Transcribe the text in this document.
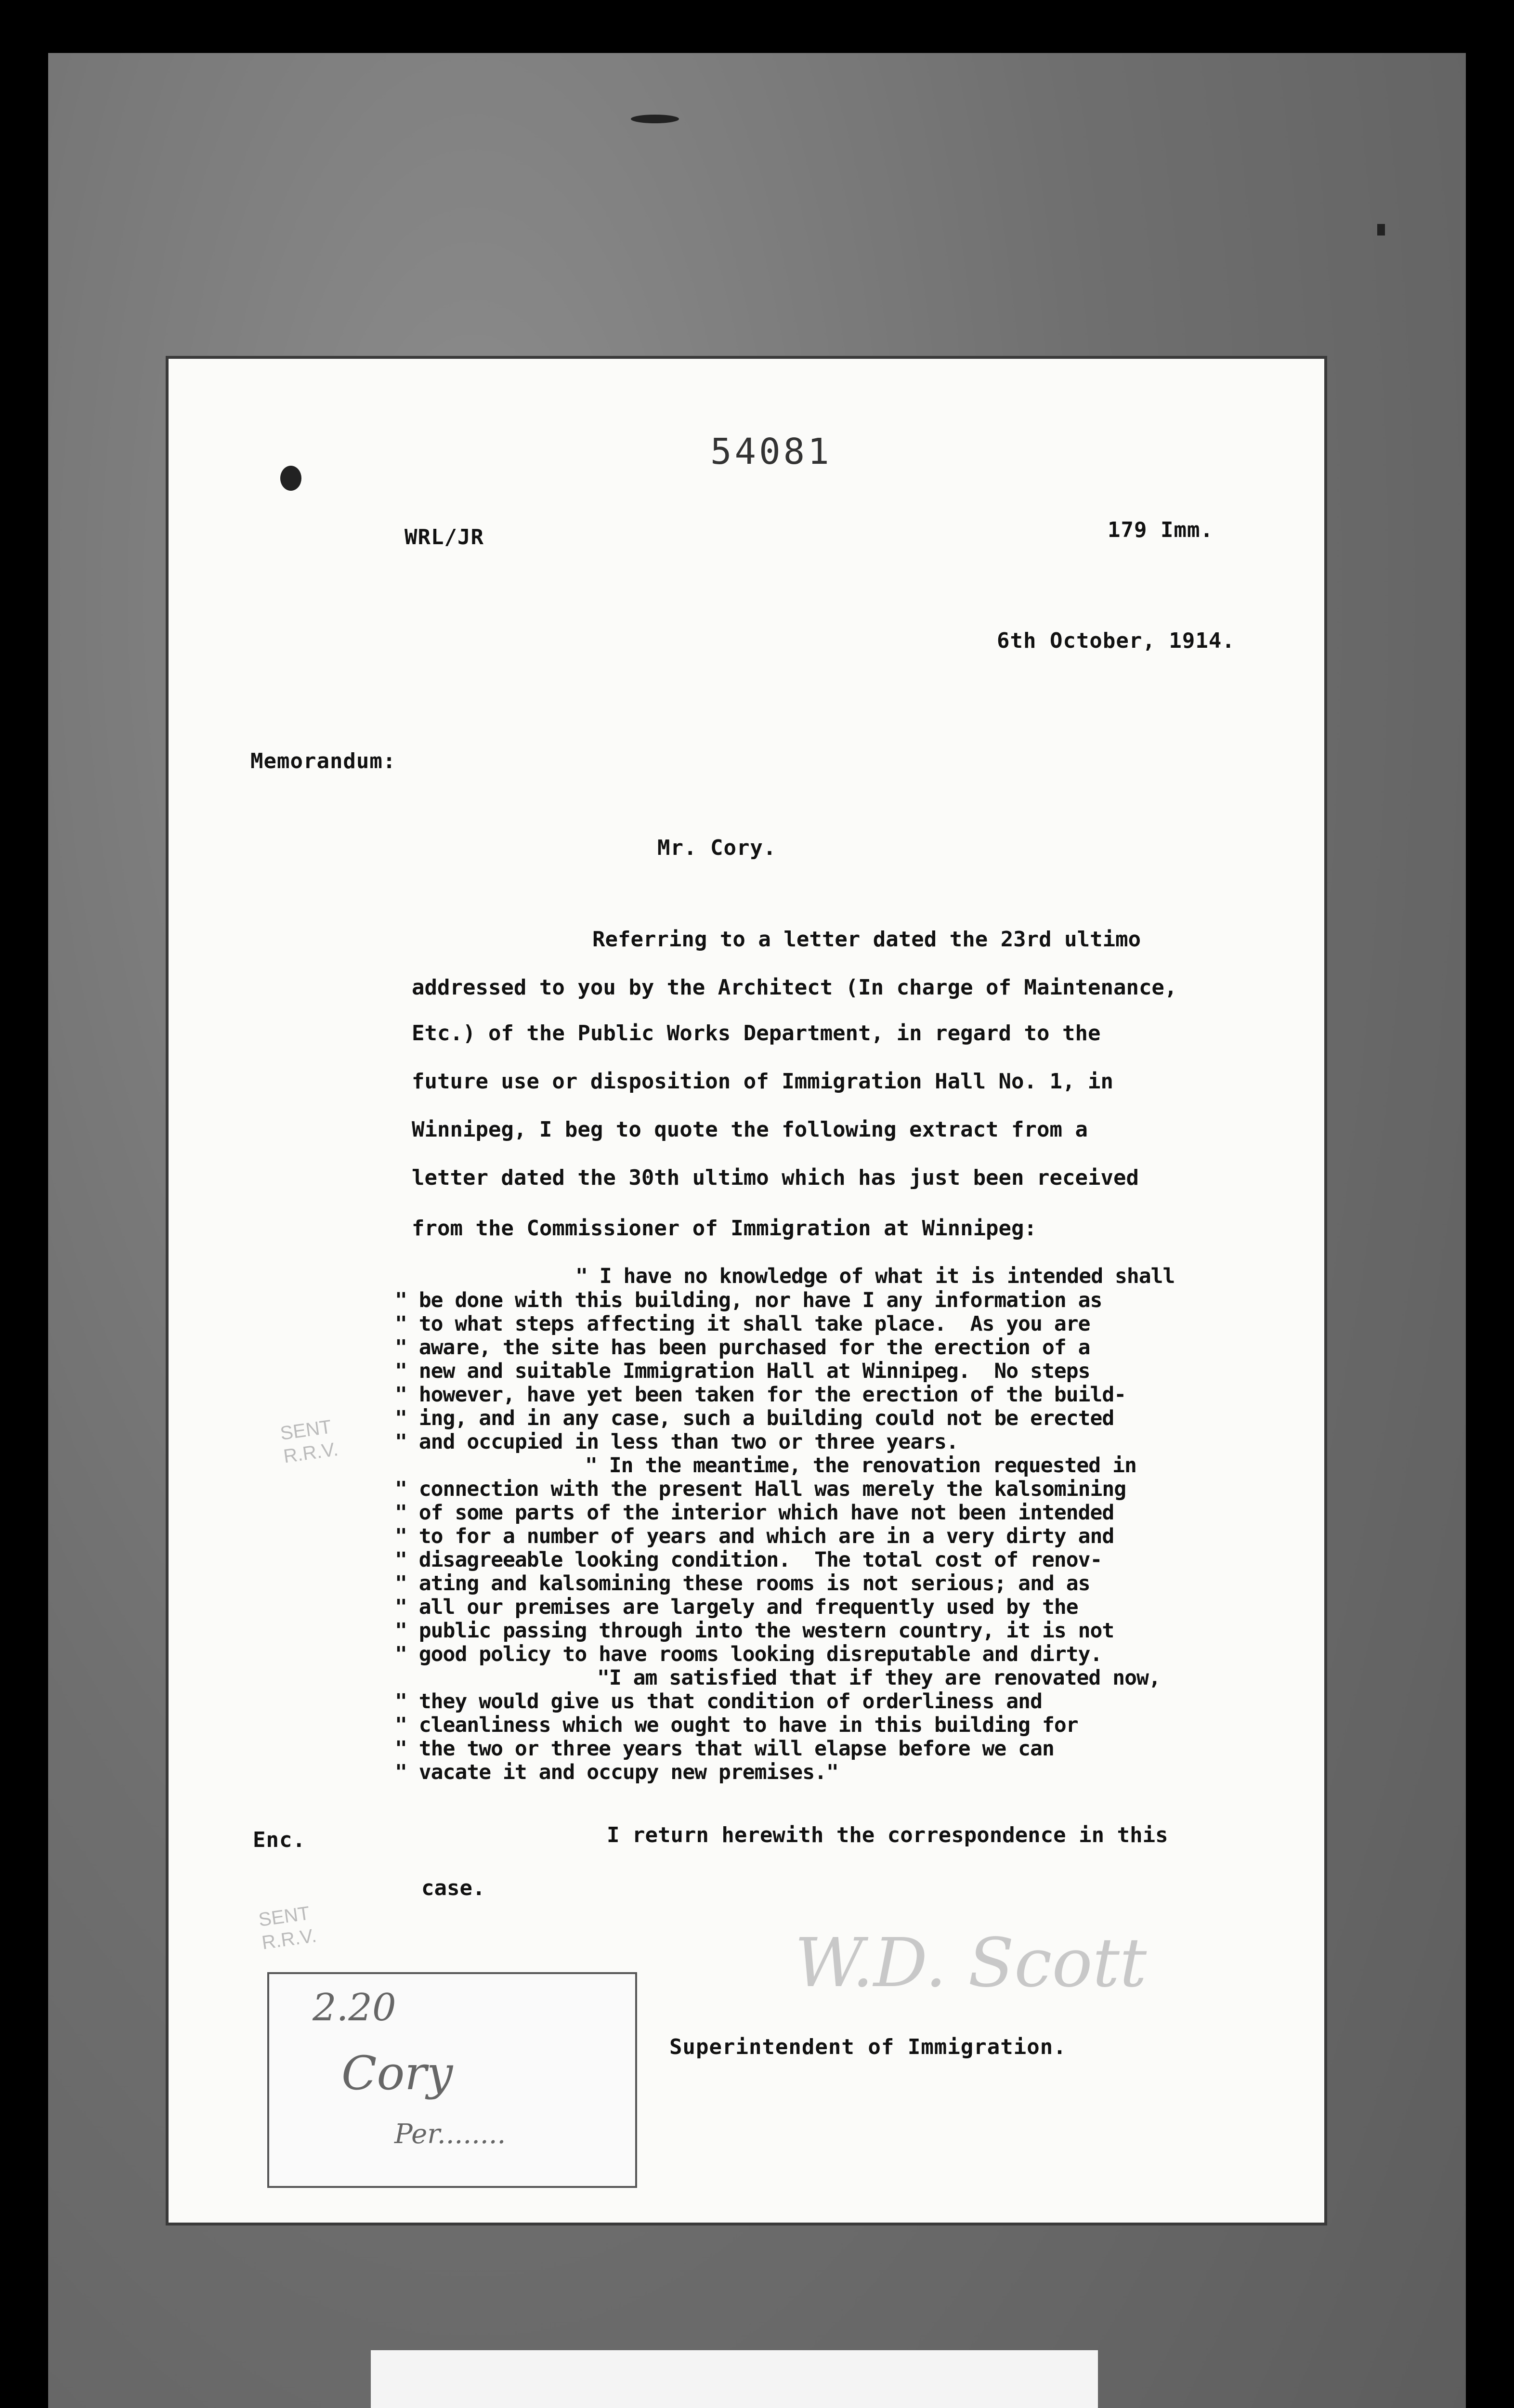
54081
WRL/JR	179 Imm.
6th October, 1914.
Memorandum:
Mr. Cory.
Referring to a letter dated the 23rd ultimo
addressed to you by the Architect (In charge of Maintenance,
Etc.) of the Public Works Department, in regard to the
future use or disposition of Immigration Hall No. 1, in
Winnipeg, I beg to quote the following extract from a
letter dated the 30th ultimo which has just been received
from the Commissioner of Immigration at Winnipeg:
" I have no knowledge of what it is intended shall
" be done with this building, nor have I any information as
" to what steps affecting it shall take place.  As you are
" aware, the site has been purchased for the erection of a
" new and suitable Immigration Hall at Winnipeg.  No steps
" however, have yet been taken for the erection of the build-
" ing, and in any case, such a building could not be erected
" and occupied in less than two or three years.
" In the meantime, the renovation requested in
" connection with the present Hall was merely the kalsomining
" of some parts of the interior which have not been intended
" to for a number of years and which are in a very dirty and
" disagreeable looking condition.  The total cost of renov-
" ating and kalsomining these rooms is not serious; and as
" all our premises are largely and frequently used by the
" public passing through into the western country, it is not
" good policy to have rooms looking disreputable and dirty.
"I am satisfied that if they are renovated now,
" they would give us that condition of orderliness and
" cleanliness which we ought to have in this building for
" the two or three years that will elapse before we can
" vacate it and occupy new premises."
Enc.	I return herewith the correspondence in this
case.
SENT
R.R.V.
SENT
R.R.V.	W.D. Scott
Superintendent of Immigration.
2.20
Cory
Per........
